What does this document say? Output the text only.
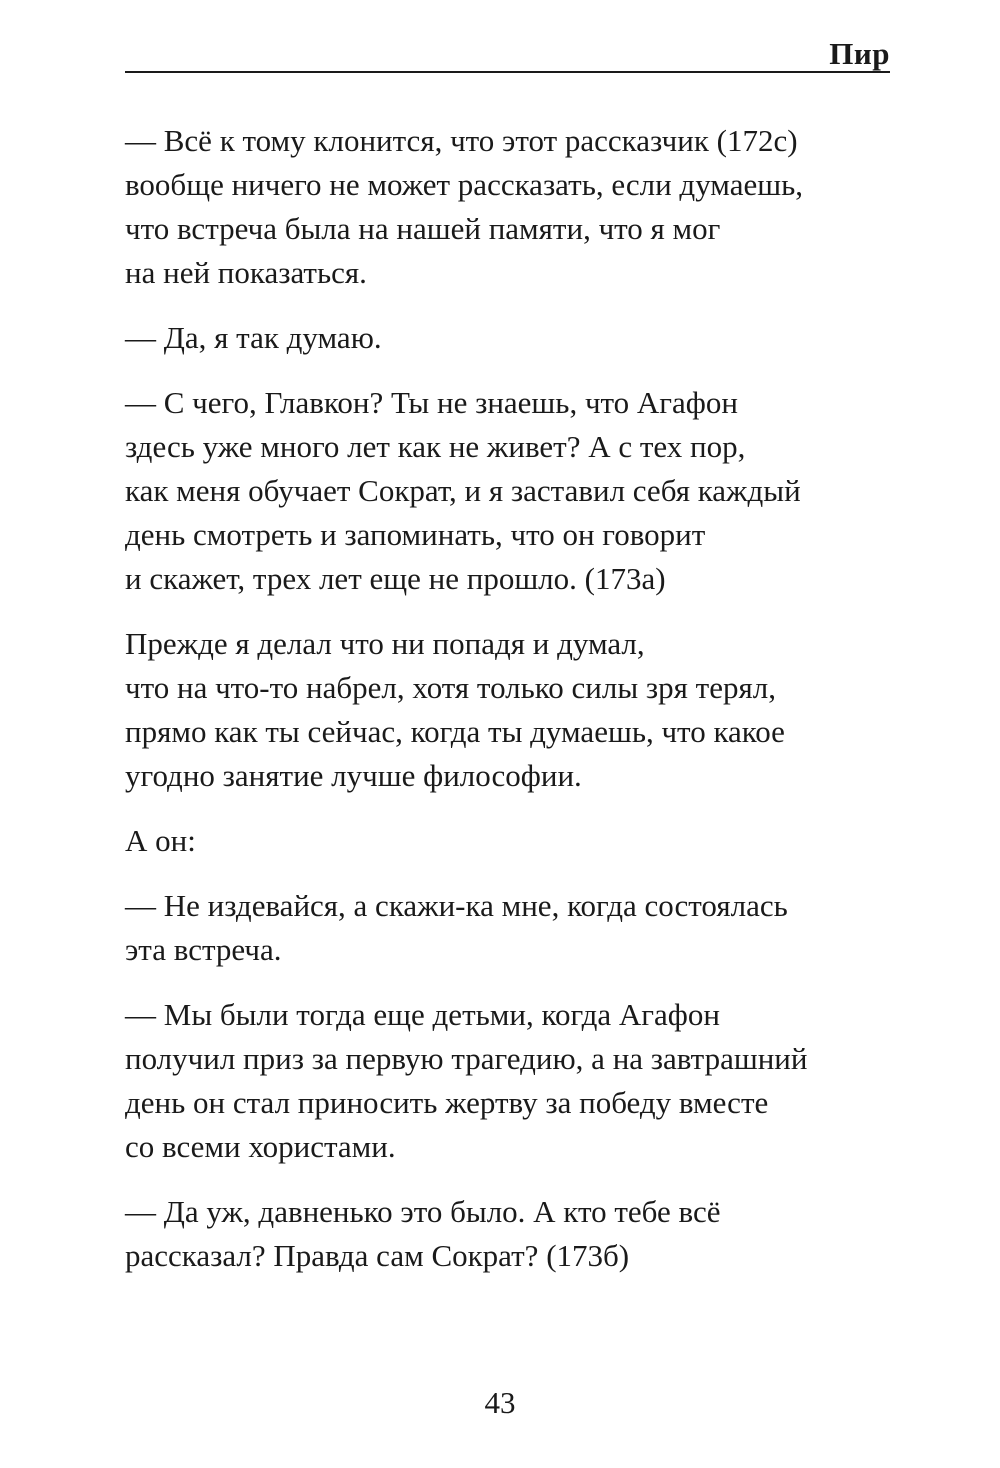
Пир

— Всё к тому клонится, что этот рассказчик (172c)
вообще ничего не может рассказать, если думаешь,
что встреча была на нашей памяти, что я мог
на ней показаться.

— Да, я так думаю.

— С чего, Главкон? Ты не знаешь, что Агафон
здесь уже много лет как не живет? А с тех пор,
как меня обучает Сократ, и я заставил себя каждый
день смотреть и запоминать, что он говорит
и скажет, трех лет еще не прошло. (173a)

Прежде я делал что ни попадя и думал,
что на что-то набрел, хотя только силы зря терял,
прямо как ты сейчас, когда ты думаешь, что какое
угодно занятие лучше философии.

А он:

— Не издевайся, а скажи-ка мне, когда состоялась
эта встреча.

— Мы были тогда еще детьми, когда Агафон
получил приз за первую трагедию, а на завтрашний
день он стал приносить жертву за победу вместе
со всеми хористами.

— Да уж, давненько это было. А кто тебе всё
рассказал? Правда сам Сократ? (173б)

43
